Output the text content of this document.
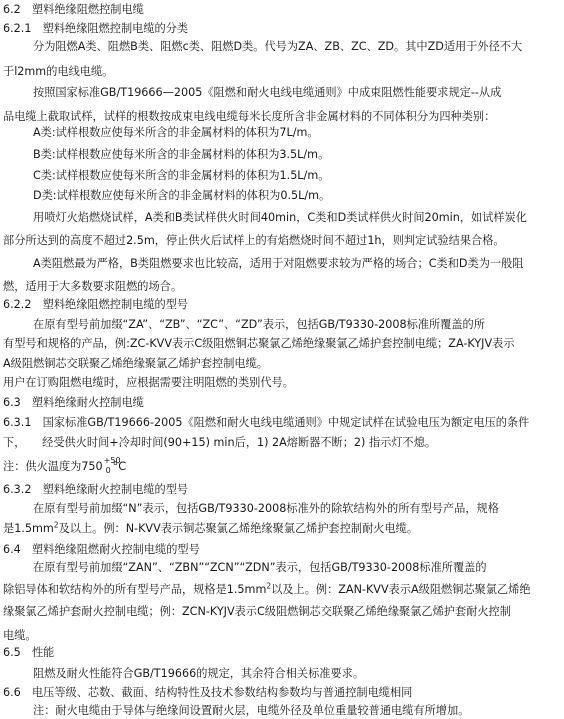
6.2　塑料绝缘阻燃控制电缆
6.2.1　塑料绝缘阻燃控制电缆的分类
分为阻燃A类、阻燃B类、阻燃c类、阻燃D类。代号为ZA、ZB、ZC、ZD。其中ZD适用于外径不大
于l2mm的电线电缆。
按照国家标准GB/T19666—2005《阻燃和耐火电线电缆通则》中成束阻燃性能要求规定--从成
品电缆上截取试样，试样的根数按成束电线电缆每米长度所含非金属材料的不同体积分为四种类别：
A类:试样根数应使每米所含的非金属材料的体积为7L/m。
B类:试样根数应使每米所含的非金属材料的体积为3.5L/m。
C类:试样根数应使每米所含的非金属材料的体积为1.5L/m。
D类:试样根数应使每米所含的非金属材料的体积为0.5L/m。
用喷灯火焰燃烧试样，A类和B类试样供火时间40min，C类和D类试样供火时间20min，如试样炭化
部分所达到的高度不超过2.5m，停止供火后试样上的有焰燃烧时间不超过1h，则判定试验结果合格。
A类阻燃最为严格，B类阻燃要求也比较高，适用于对阻燃要求较为严格的场合；C类和D类为一般阻
燃，适用于大多数要求阻燃的场合。
6.2.2　塑料绝缘阻燃控制电缆的型号
在原有型号前加缀“ZA”、“ZB”、“ZC”、“ZD”表示，包括GB/T9330-2008标准所覆盖的所
有型号和规格的产品，例:ZC-KVV表示C级阻燃铜芯聚氯乙烯绝缘聚氯乙烯护套控制电缆；ZA-KYJV表示
A级阻燃铜芯交联聚乙烯绝缘聚氯乙烯护套控制电缆。
用户在订购阻燃电缆时，应根据需要注明阻燃的类别代号。
6.3　塑料绝缘耐火控制电缆
6.3.1　国家标准GB/T19666-2005《阻燃和耐火电线电缆通则》中规定试样在试验电压为额定电压的条件
下，　　经受供火时间+冷却时间(90+15) min后，1) 2A熔断器不断；2) 指示灯不熄。
注：供火温度为750 +50
0 °C
6.3.2　塑料绝缘耐火控制电缆的型号
在原有型号前加缀“N”表示，包括GB/T9330-2008标准外的除软结构外的所有型号产品，规格
是$1.5mm^2$及以上。例：N-KVV表示铜芯聚氯乙烯绝缘聚氯乙烯护套控制耐火电缆。
6.4　塑料绝缘阻燃耐火控制电缆的型号
在原有型号前加缀“ZAN”、“ZBN”“ZCN”“ZDN”表示，包括GB/T9330-2008标准所覆盖的
除铝导体和软结构外的所有型号产品，规格是$1.5mm^2$以及上。例：ZAN-KVV表示A级阻燃铜芯聚氯乙烯绝
缘聚氯乙烯护套耐火控制电缆；例：ZCN-KYJV表示C级阻燃铜芯交联聚乙烯绝缘聚氯乙烯护套耐火控制
电缆。
6.5　性能
阻燃及耐火性能符合GB/T19666的规定，其余符合相关标准要求。
6.6　电压等级、芯数、截面、结构特性及技术参数结构参数均与普通控制电缆相同
注：耐火电缆由于导体与绝缘间设置耐火层，电缆外径及单位重量较普通电缆有所增加。
